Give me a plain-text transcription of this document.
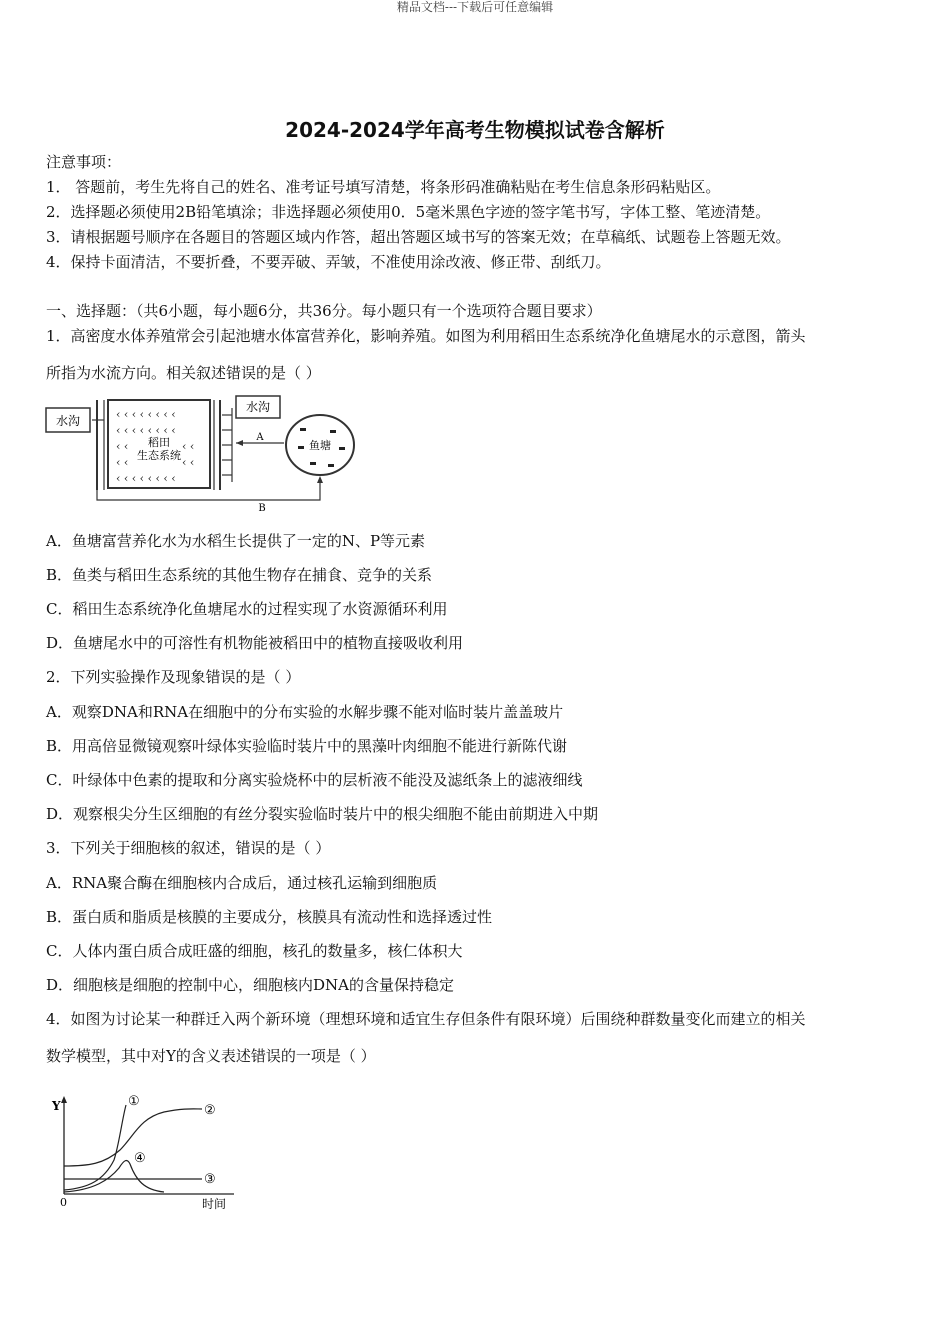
精品文档---下载后可任意编辑
2024-2024学年高考生物模拟试卷含解析
注意事项：
1． 答题前，考生先将自己的姓名、准考证号填写清楚，将条形码准确粘贴在考生信息条形码粘贴区。
2．选择题必须使用2B铅笔填涂；非选择题必须使用0．5毫米黑色字迹的签字笔书写，字体工整、笔迹清楚。
3．请根据题号顺序在各题目的答题区域内作答，超出答题区域书写的答案无效；在草稿纸、试题卷上答题无效。
4．保持卡面清洁，不要折叠，不要弄破、弄皱，不准使用涂改液、修正带、刮纸刀。
一、选择题：（共6小题，每小题6分，共36分。每小题只有一个选项符合题目要求）
1．高密度水体养殖常会引起池塘水体富营养化，影响养殖。如图为利用稻田生态系统净化鱼塘尾水的示意图，箭头
所指为水流方向。相关叙述错误的是（ ）
水沟	‹ ‹ ‹ ‹ ‹ ‹ ‹ ‹
‹ ‹ ‹ ‹ ‹ ‹ ‹ ‹
‹ ‹	‹ ‹
‹ ‹	‹ ‹
‹ ‹ ‹ ‹ ‹ ‹ ‹ ‹
稻田
生态系统
水沟
A
鱼塘
B
A．鱼塘富营养化水为水稻生长提供了一定的N、P等元素
B．鱼类与稻田生态系统的其他生物存在捕食、竞争的关系
C．稻田生态系统净化鱼塘尾水的过程实现了水资源循环利用
D．鱼塘尾水中的可溶性有机物能被稻田中的植物直接吸收利用
2．下列实验操作及现象错误的是（ ）
A．观察DNA和RNA在细胞中的分布实验的水解步骤不能对临时装片盖盖玻片
B．用高倍显微镜观察叶绿体实验临时装片中的黑藻叶肉细胞不能进行新陈代谢
C．叶绿体中色素的提取和分离实验烧杯中的层析液不能没及滤纸条上的滤液细线
D．观察根尖分生区细胞的有丝分裂实验临时装片中的根尖细胞不能由前期进入中期
3．下列关于细胞核的叙述，错误的是（ ）
A．RNA聚合酶在细胞核内合成后，通过核孔运输到细胞质
B．蛋白质和脂质是核膜的主要成分，核膜具有流动性和选择透过性
C．人体内蛋白质合成旺盛的细胞，核孔的数量多，核仁体积大
D．细胞核是细胞的控制中心，细胞核内DNA的含量保持稳定
4．如图为讨论某一种群迁入两个新环境（理想环境和适宜生存但条件有限环境）后围绕种群数量变化而建立的相关
数学模型，其中对Y的含义表述错误的一项是（ ）
Y
0	时间
①
②
③
④
